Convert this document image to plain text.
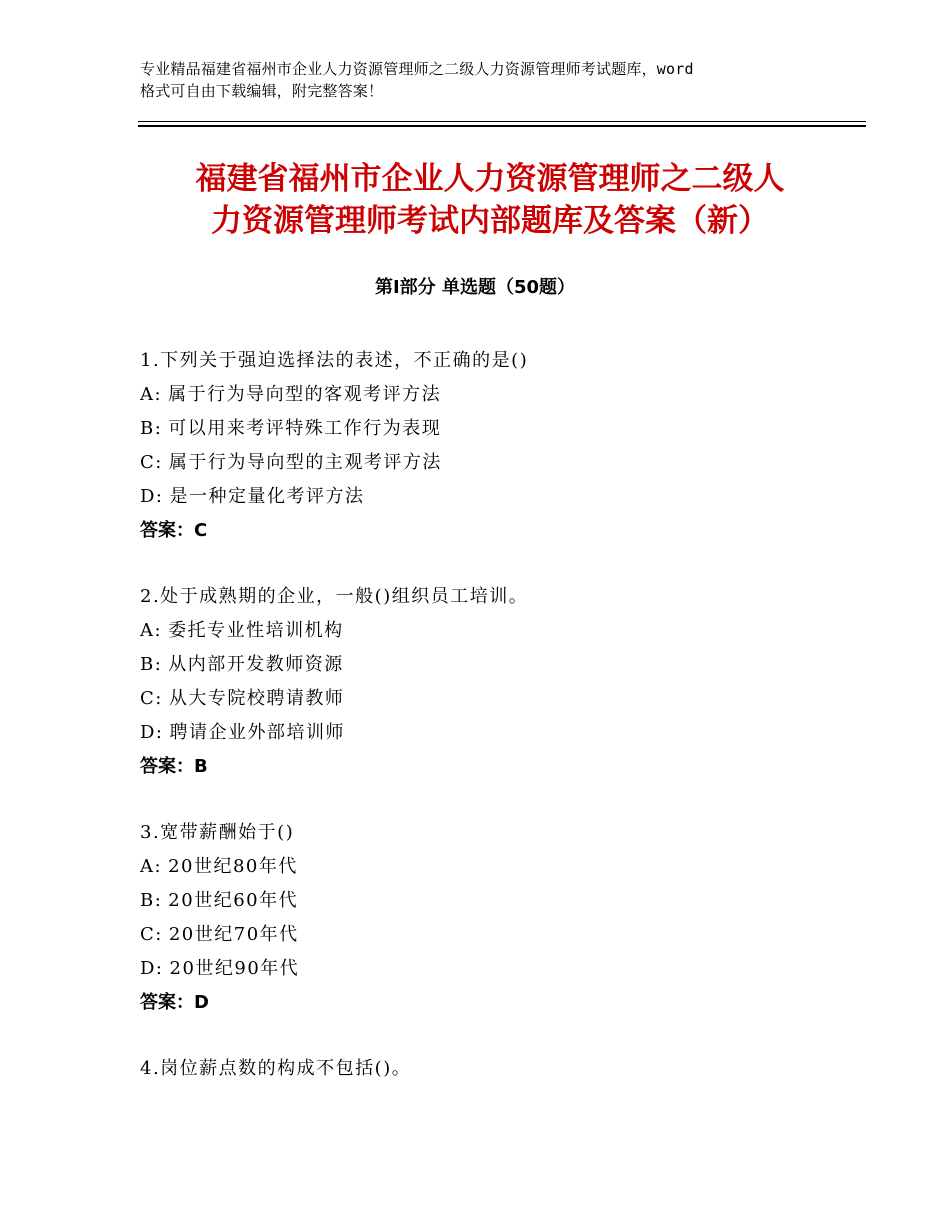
专业精品福建省福州市企业人力资源管理师之二级人力资源管理师考试题库，word
格式可自由下载编辑，附完整答案！
福建省福州市企业人力资源管理师之二级人
力资源管理师考试内部题库及答案（新）
第Ⅰ部分 单选题（50题）
1.下列关于强迫选择法的表述，不正确的是()
A: 属于行为导向型的客观考评方法
B: 可以用来考评特殊工作行为表现
C: 属于行为导向型的主观考评方法
D: 是一种定量化考评方法
答案：C
2.处于成熟期的企业，一般()组织员工培训。
A: 委托专业性培训机构
B: 从内部开发教师资源
C: 从大专院校聘请教师
D: 聘请企业外部培训师
答案：B
3.宽带薪酬始于()
A: 20世纪80年代
B: 20世纪60年代
C: 20世纪70年代
D: 20世纪90年代
答案：D
4.岗位薪点数的构成不包括()。
